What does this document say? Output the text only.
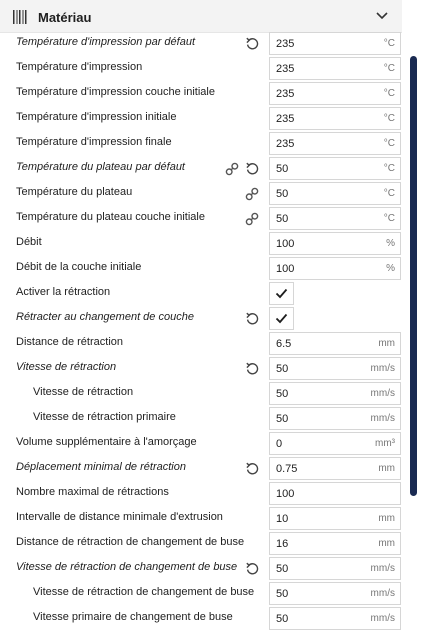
Matériau
Température d'impression par défaut	235	°C
Température d'impression	235	°C
Température d'impression couche initiale	235	°C
Température d'impression initiale	235	°C
Température d'impression finale	235	°C
Température du plateau par défaut	50	°C
Température du plateau	50	°C
Température du plateau couche initiale	50	°C
Débit	100	%
Débit de la couche initiale	100	%
Activer la rétraction
Rétracter au changement de couche
Distance de rétraction	6.5	mm
Vitesse de rétraction	50	mm/s
Vitesse de rétraction	50	mm/s
Vitesse de rétraction primaire	50	mm/s
Volume supplémentaire à l'amorçage	0	mm³
Déplacement minimal de rétraction	0.75	mm
Nombre maximal de rétractions	100
Intervalle de distance minimale d'extrusion	10	mm
Distance de rétraction de changement de buse	16	mm
Vitesse de rétraction de changement de buse	50	mm/s
Vitesse de rétraction de changement de buse 50	mm/s
Vitesse primaire de changement de buse	50	mm/s
